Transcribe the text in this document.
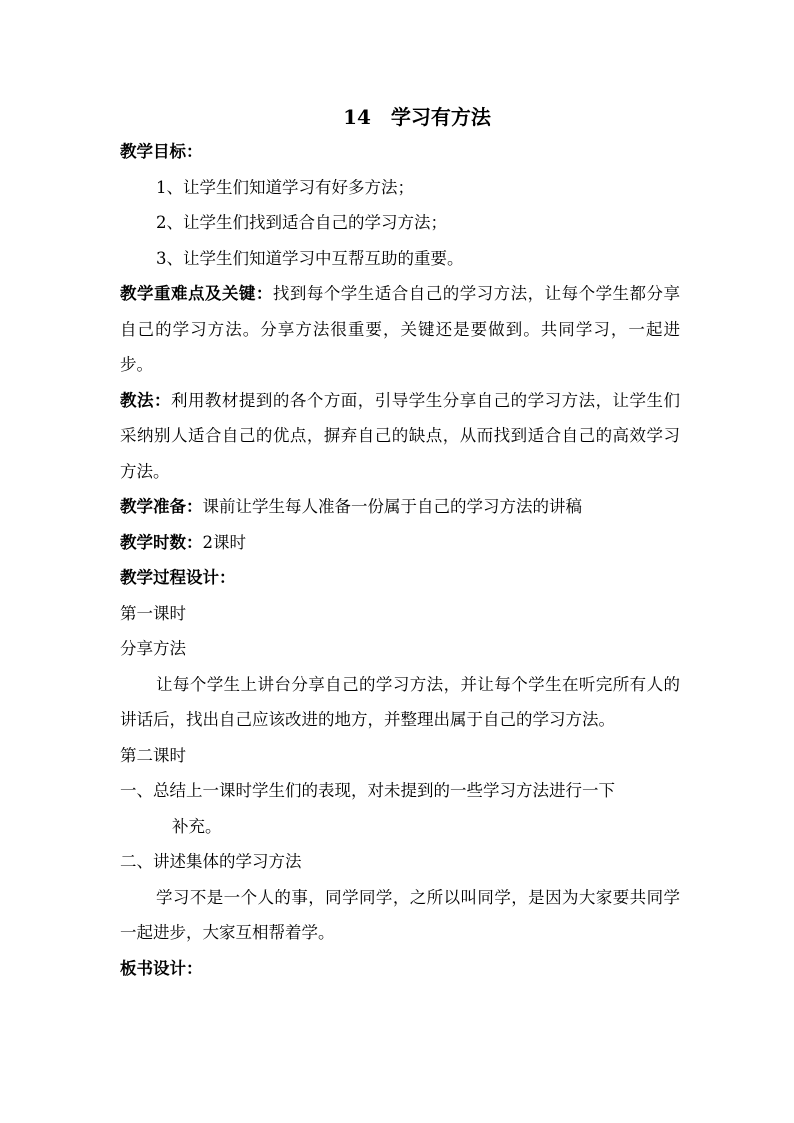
14　学习有方法

教学目标：

1、让学生们知道学习有好多方法；

2、让学生们找到适合自己的学习方法；

3、让学生们知道学习中互帮互助的重要。

教学重难点及关键：找到每个学生适合自己的学习方法，让每个学生都分享自己的学习方法。分享方法很重要，关键还是要做到。共同学习，一起进步。

教法：利用教材提到的各个方面，引导学生分享自己的学习方法，让学生们采纳别人适合自己的优点，摒弃自己的缺点，从而找到适合自己的高效学习方法。

教学准备：课前让学生每人准备一份属于自己的学习方法的讲稿

教学时数：2课时

教学过程设计：

第一课时

分享方法

让每个学生上讲台分享自己的学习方法，并让每个学生在听完所有人的讲话后，找出自己应该改进的地方，并整理出属于自己的学习方法。

第二课时

一、总结上一课时学生们的表现，对未提到的一些学习方法进行一下

补充。

二、讲述集体的学习方法

学习不是一个人的事，同学同学，之所以叫同学，是因为大家要共同学一起进步，大家互相帮着学。

板书设计：
